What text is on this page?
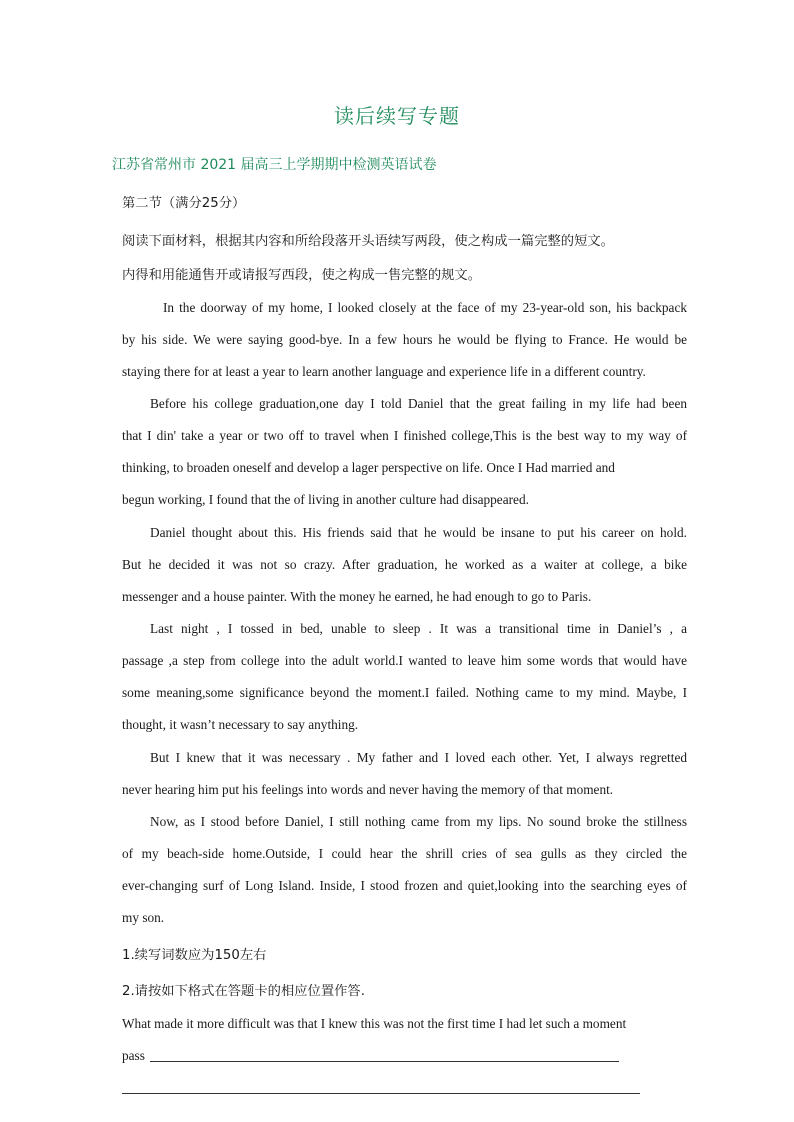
读后续写专题
江苏省常州市 2021 届高三上学期期中检测英语试卷
第二节（满分25分）
阅读下面材料，根据其内容和所给段落开头语续写两段，使之构成一篇完整的短文。
内得和用能通售开或请报写西段，使之构成一售完整的规文。
In the doorway of my home, I looked closely at the face of my 23-year-old son, his backpack
by his side. We were saying good-bye. In a few hours he would be flying to France. He would be
staying there for at least a year to learn another language and experience life in a different country.
Before his college graduation,one day I told Daniel that the great failing in my life had been
that I din' take a year or two off to travel when I finished college,This is the best way to my way of
thinking, to broaden oneself and develop a lager perspective on life. Once I Had married and
begun working, I found that the of living in another culture had disappeared.
Daniel thought about this. His friends said that he would be insane to put his career on hold.
But he decided it was not so crazy. After graduation, he worked as a waiter at college, a bike
messenger and a house painter. With the money he earned, he had enough to go to Paris.
Last night , I tossed in bed, unable to sleep . It was a transitional time in Daniel’s , a
passage ,a step from college into the adult world.I wanted to leave him some words that would have
some meaning,some significance beyond the moment.I failed. Nothing came to my mind. Maybe, I
thought, it wasn’t necessary to say anything.
But I knew that it was necessary . My father and I loved each other. Yet, I always regretted
never hearing him put his feelings into words and never having the memory of that moment.
Now, as I stood before Daniel, I still nothing came from my lips. No sound broke the stillness
of my beach-side home.Outside, I could hear the shrill cries of sea gulls as they circled the
ever-changing surf of Long Island. Inside, I stood frozen and quiet,looking into the searching eyes of
my son.
1.续写词数应为150左右
2.请按如下格式在答题卡的相应位置作答.
What made it more difficult was that I knew this was not the first time I had let such a moment
pass
